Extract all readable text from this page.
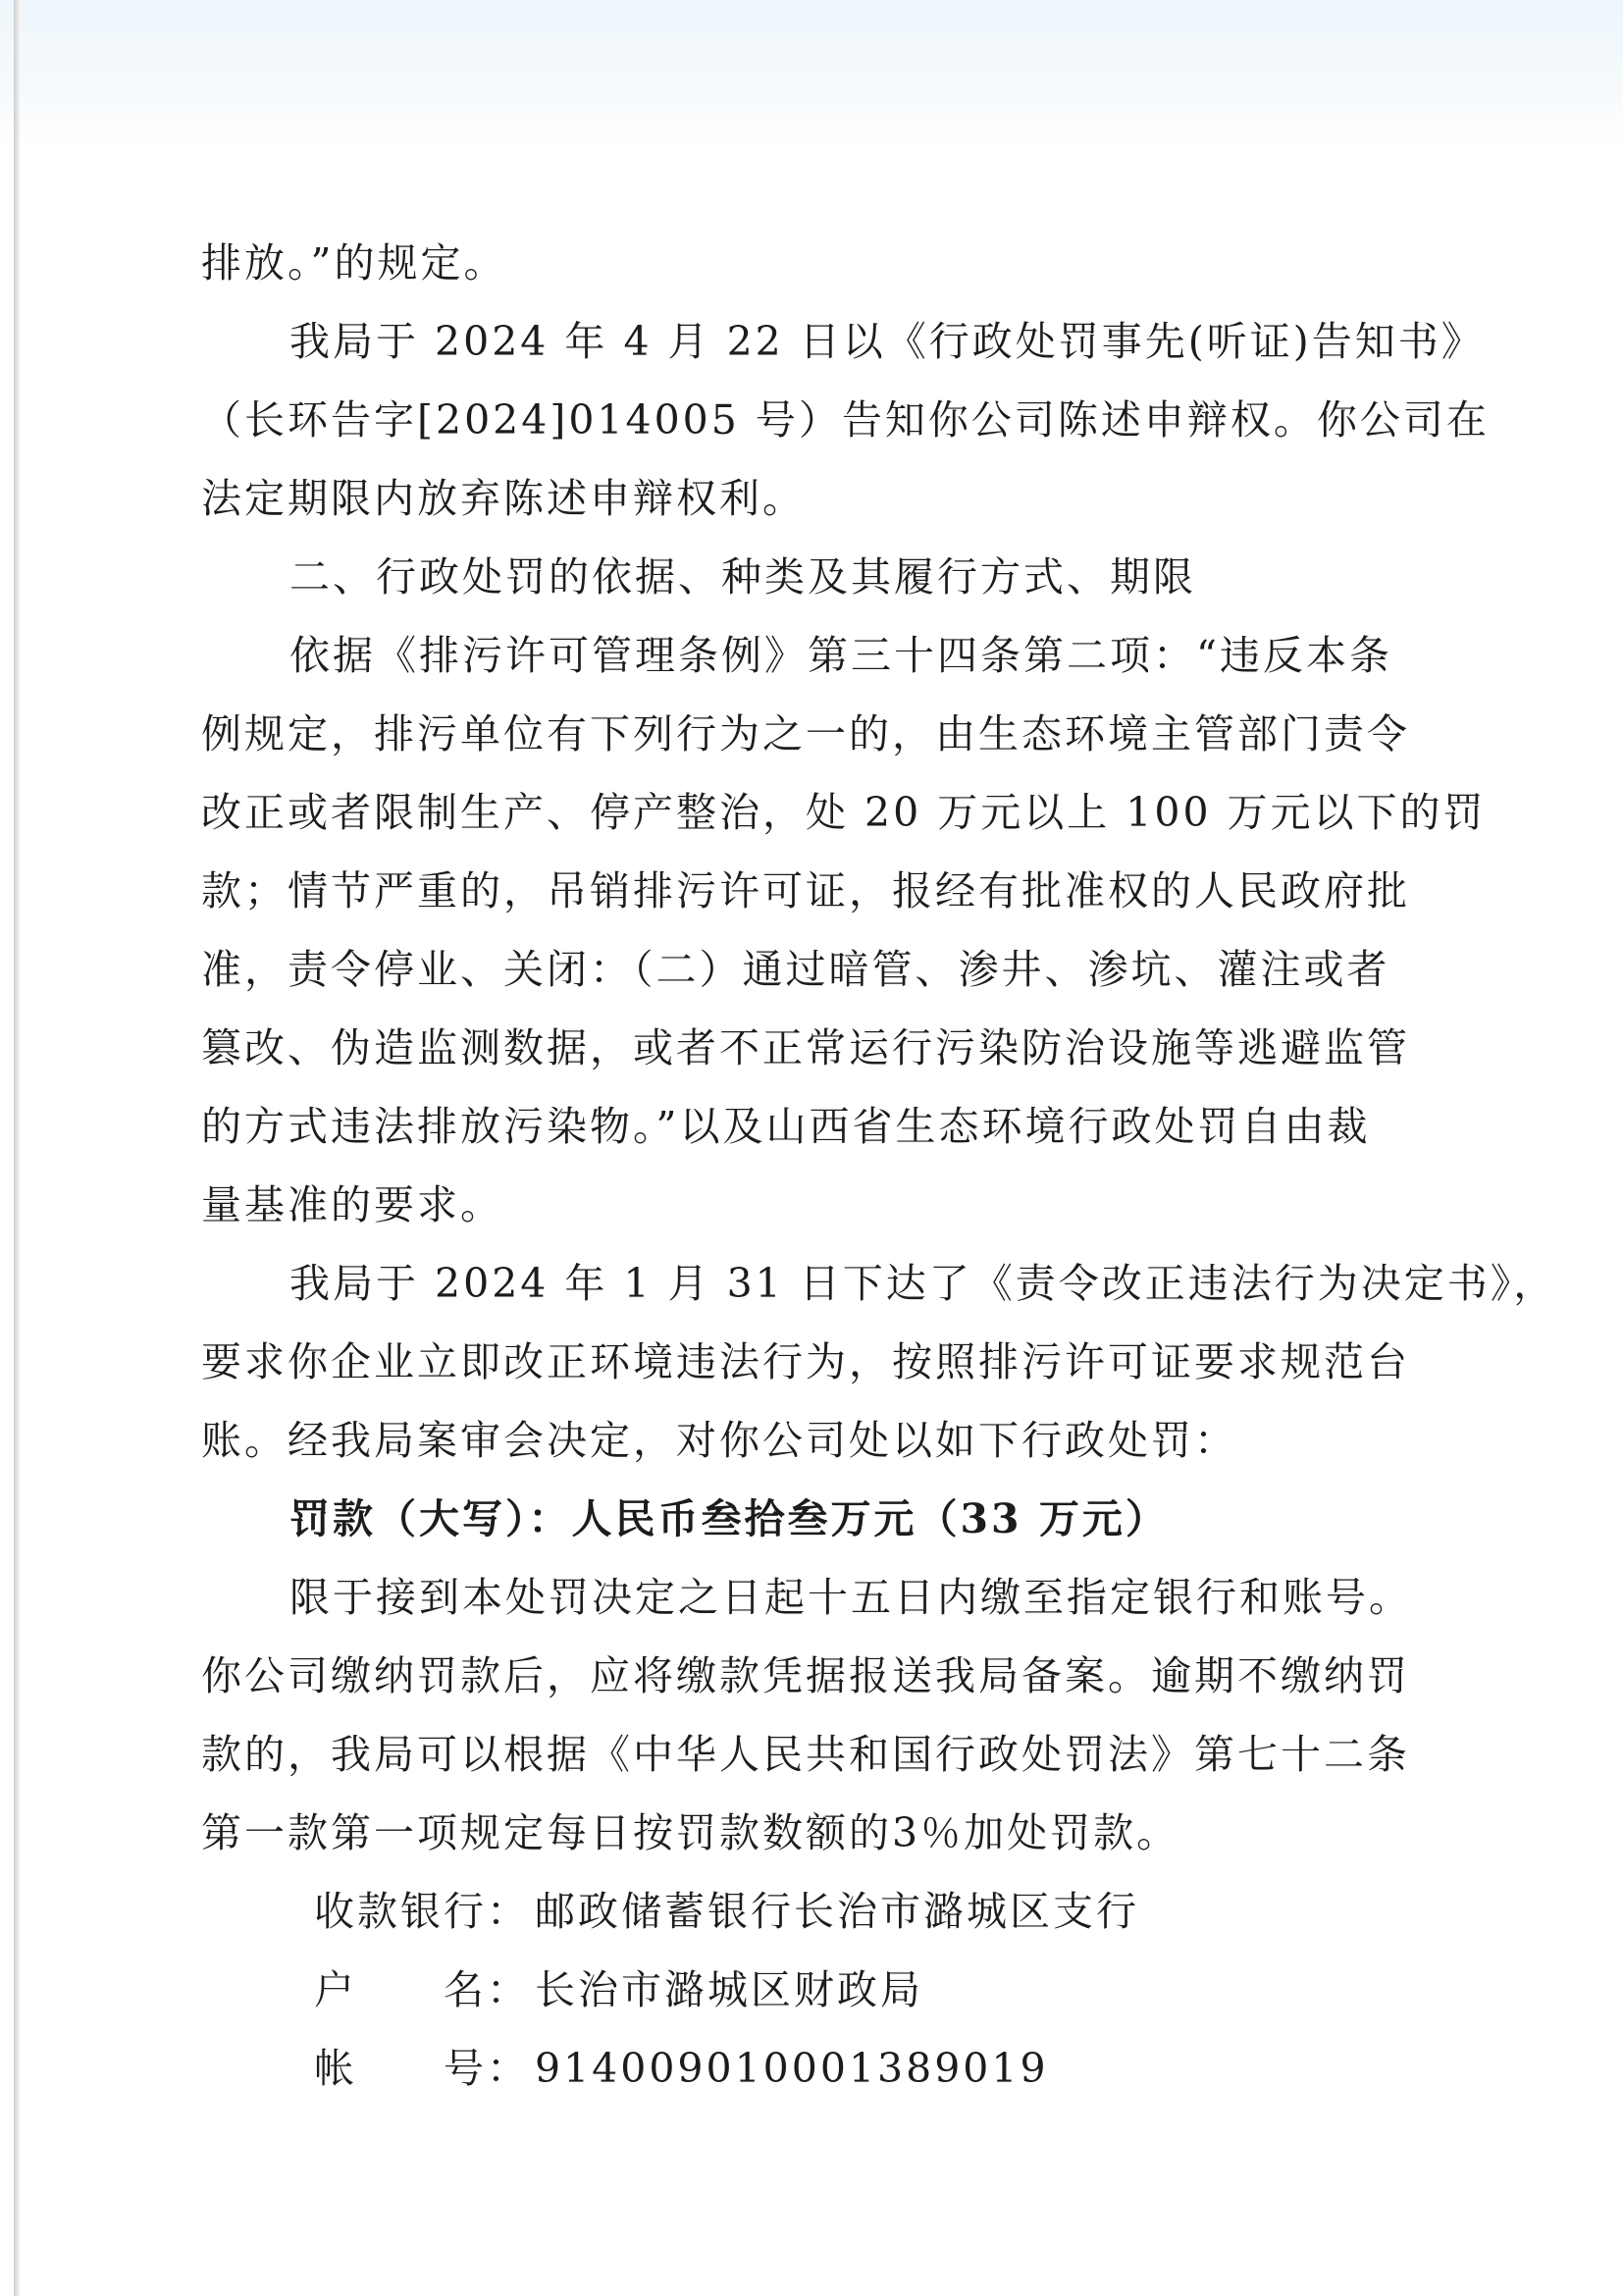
排放。”的规定。

我局于 2024 年 4 月 22 日以《行政处罚事先(听证)告知书》

（长环告字[2024]014005 号）告知你公司陈述申辩权。你公司在

法定期限内放弃陈述申辩权利。

二、行政处罚的依据、种类及其履行方式、期限

依据《排污许可管理条例》第三十四条第二项：“违反本条

例规定，排污单位有下列行为之一的，由生态环境主管部门责令

改正或者限制生产、停产整治，处 20 万元以上 100 万元以下的罚

款；情节严重的，吊销排污许可证，报经有批准权的人民政府批

准，责令停业、关闭：（二）通过暗管、渗井、渗坑、灌注或者

篡改、伪造监测数据，或者不正常运行污染防治设施等逃避监管

的方式违法排放污染物。”以及山西省生态环境行政处罚自由裁

量基准的要求。

我局于 2024 年 1 月 31 日下达了《责令改正违法行为决定书》，

要求你企业立即改正环境违法行为，按照排污许可证要求规范台

账。经我局案审会决定，对你公司处以如下行政处罚：

罚款（大写）：人民币叁拾叁万元（33 万元）

限于接到本处罚决定之日起十五日内缴至指定银行和账号。

你公司缴纳罚款后，应将缴款凭据报送我局备案。逾期不缴纳罚

款的，我局可以根据《中华人民共和国行政处罚法》第七十二条

第一款第一项规定每日按罚款数额的3％加处罚款。

收款银行： 邮政储蓄银行长治市潞城区支行
户　　名： 长治市潞城区财政局
帐　　号： 91400901000138901​9
